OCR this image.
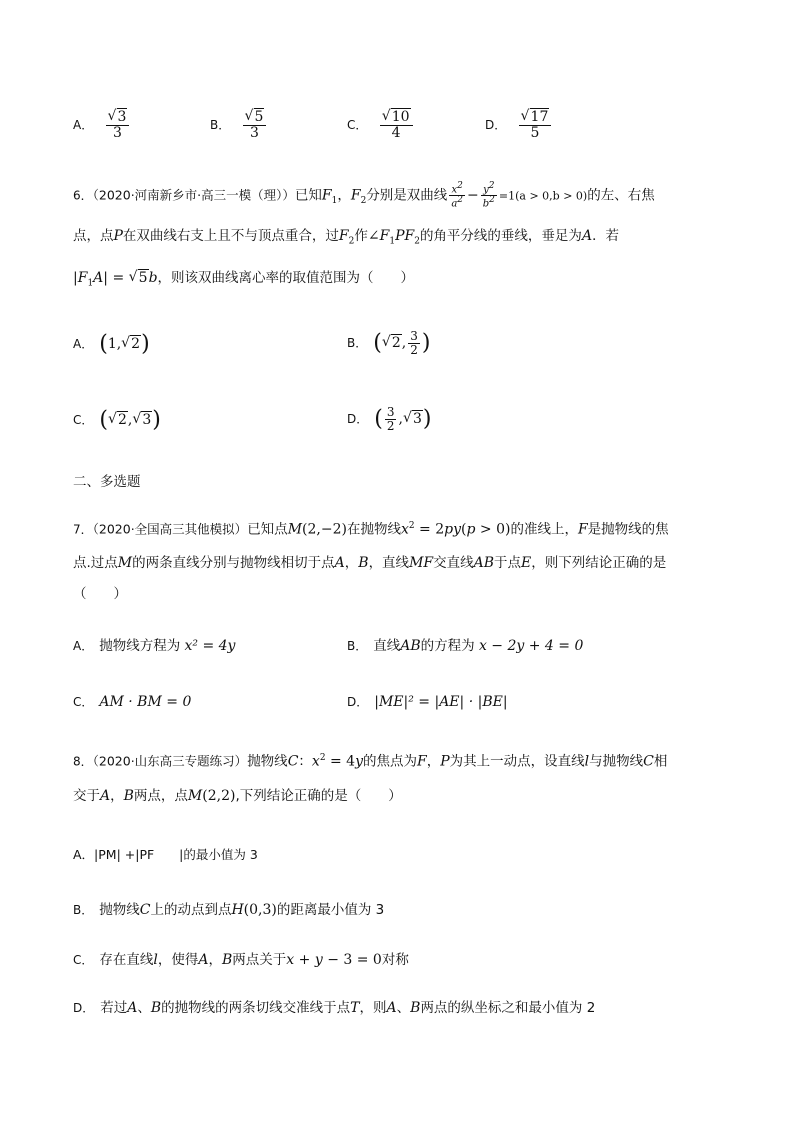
A． √ $\frac{3}{3}$	B． √ $\frac{5}{3}$	C． √ $\frac{10}{4}$	D． √ $\frac{17}{5}$
6．（2020·河南新乡市·高三一模（理））已知$F_1$，$F_2$分别是双曲线 $\frac{x^2}{a^2} - \frac{y^2}{b^2} =1(a > 0,b > 0)$的左、右焦
点，点P在双曲线右支上且不与顶点重合，过$F_2$作$\angle F_1PF_2$的角平分线的垂线，垂足为A．若
$|F_1A|$ = √ 5b，则该双曲线离心率的取值范围为（　　）
A． (1, √ 2)	B． ( √ 2, $\frac{3}{2}$ )
C． ( √ 2, √ 3)	D． ( $\frac{3}{2}$ , √ 3)
二、多选题
7．（2020·全国高三其他模拟）已知点M(2,−2)在抛物线$x^2 = 2py(p > 0)$的准线上，F是抛物线的焦
点.过点M的两条直线分别与抛物线相切于点A，B，直线MF交直线AB于点E，则下列结论正确的是
（　　）
A． 抛物线方程为 x² = 4y	B． 直线AB的方程为 x − 2y + 4 = 0
C． AM · BM = 0	D． |ME|² = |AE| · |BE|
8．（2020·山东高三专题练习）抛物线C：$x^2 = 4y$的焦点为F，P为其上一动点，设直线l与抛物线C相
交于A，B两点，点M(2,2),下列结论正确的是（　　）
A．|PM| +|PF　　|的最小值为 3
B． 抛物线C上的动点到点H(0,3)的距离最小值为 3
C． 存在直线l，使得A，B两点关于x + y − 3 = 0对称
D． 若过A、B的抛物线的两条切线交准线于点T，则A、B两点的纵坐标之和最小值为 2
